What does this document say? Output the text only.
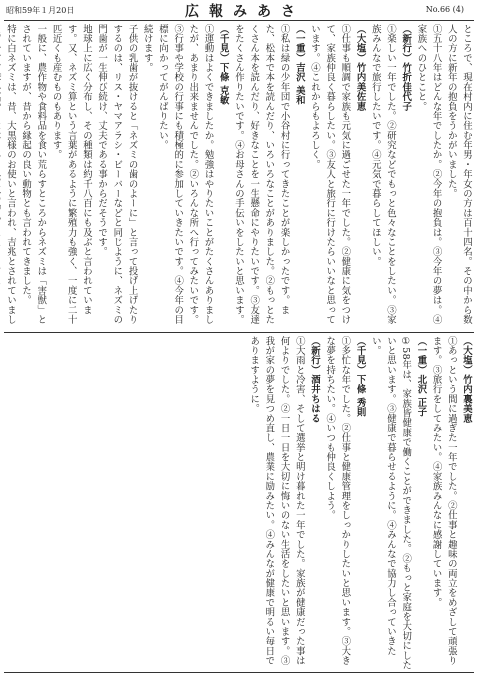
昭和59年１月20日	広報みあさ	No.66 (4)

ところで、現在村内に住む年男・年女の方は百十四名。その中から数人の方に新年の抱負をうかがいました。

①五十八年はどんな年でしたか。②今年の抱負は。③今年の夢は。④家族へのひとこと。

（新行）竹折佳代子

①楽しい一年でした。②研究などでもっと色々なことをしたい。③家族みんなで旅行したいです。④元気で暮らしてほしい。

（大塩）竹内美佐恵

①仕事も順調で家族も元気に過ごせた一年でした。②健康に気をつけて、家族仲良く暮らしたい。③友人と旅行に行けたらいいなと思っています。④これからもよろしく。

（一重）吉沢 美和

①私は緑の少年団で小谷村に行ってきたことが楽しかったです。また、松本で本を読んだり、いろいろなことがありました。②もっとたくさん本を読んだり、好きなことを一生懸命にやりたいです。③友達をたくさん作りたいです。④お母さんの手伝いをしたいと思います。

（千見）下條 克敏

①運動はよくできましたか。勉強はやりたいことがたくさんありましたが、あまり出来ませんでした。②いろんな所へ行ってみたいです。③行事や学校の行事にも積極的に参加していきたいです。④今年の目標に向かってがんばりたい。

続けます。

子供の乳歯が抜けると「ネズミの歯のよーに」と言って投げ上げたりするのは、リス・ヤマアラシ・ビーバーなどと同じように、ネズミの門歯が一生伸び続け、丈夫である事からだそうです。

地球上に広く分布し、その種類は約千八百にも及ぶと言われています。又、ネズミ算という言葉があるように繁殖力も強く、一度に二十匹近くも産むものもあります。

一般に、農作物や食料品を食い荒らすところからネズミは「害獣」とされていますが、昔から縁起の良い動物とも言われてきました。

特に白ネズミは、昔、大黒様のお使いと言われ、吉兆とされていまし

（大塩）竹内裏美恵

①あっという間に過ぎた一年でした。②仕事と趣味の両立をめざして頑張ります。③旅行をしてみたい。④家族みんなに感謝しています。

（一重）北沢 正子

①58年は、家族皆健康で働くことができました。②もっと家庭を大切にしたいと思います。③健康で暮らせるように。④みんなで協力し合っていきたい。

（千見）下條 秀則

①多忙な年でした。②仕事と健康管理をしっかりしたいと思います。③大きな夢を持ちたい。④いつも仲良くしよう。

（新行）酒井ちはる

①大雨と冷害、そして選挙と明け暮れた一年でした。家族が健康だった事は何よりでした。②一日一日を大切に悔いのない生活をしたいと思います。③我が家の夢を見つめ直し、農業に励みたい。④みんなが健康で明るい毎日でありますように。
